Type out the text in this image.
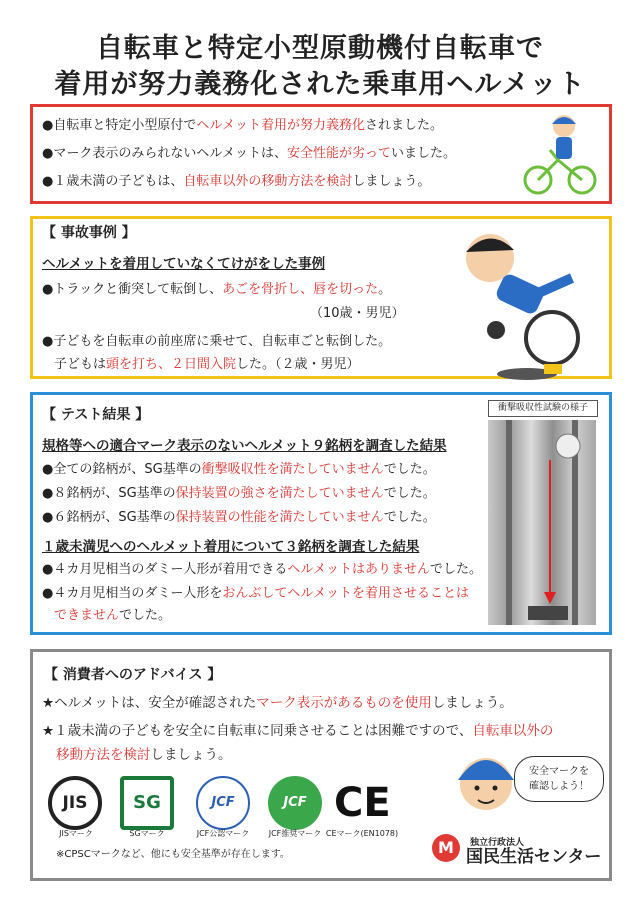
自転車と特定小型原動機付自転車で
着用が努力義務化された乗車用ヘルメット
●自転車と特定小型原付でヘルメット着用が努力義務化されました。
●マーク表示のみられないヘルメットは、安全性能が劣っていました。
●１歳未満の子どもは、自転車以外の移動方法を検討しましょう。
【 事故事例 】
ヘルメットを着用していなくてけがをした事例
●トラックと衝突して転倒し、あごを骨折し、唇を切った。
（10歳・男児）
●子どもを自転車の前座席に乗せて、自転車ごと転倒した。
子どもは頭を打ち、２日間入院した。（２歳・男児）
【 テスト結果 】
規格等への適合マーク表示のないヘルメット９銘柄を調査した結果
●全ての銘柄が、SG基準の衝撃吸収性を満たしていませんでした。
●８銘柄が、SG基準の保持装置の強さを満たしていませんでした。
●６銘柄が、SG基準の保持装置の性能を満たしていませんでした。
１歳未満児へのヘルメット着用について３銘柄を調査した結果
●４カ月児相当のダミー人形が着用できるヘルメットはありませんでした。
●４カ月児相当のダミー人形をおんぶしてヘルメットを着用させることは
できませんでした。
衝撃吸収性試験の様子
【 消費者へのアドバイス 】
★ヘルメットは、安全が確認されたマーク表示があるものを使用しましょう。
★１歳未満の子どもを安全に自転車に同乗させることは困難ですので、自転車以外の
移動方法を検討しましょう。
安全マークを
確認しよう！
JIS
JISマーク
SG
SGマーク
JCF
JCF公認マーク
JCF
JCF推奨マーク
CE
CEマーク(EN1078)
※CPSCマークなど、他にも安全基準が存在します。	M	独立行政法人
国民生活センター
